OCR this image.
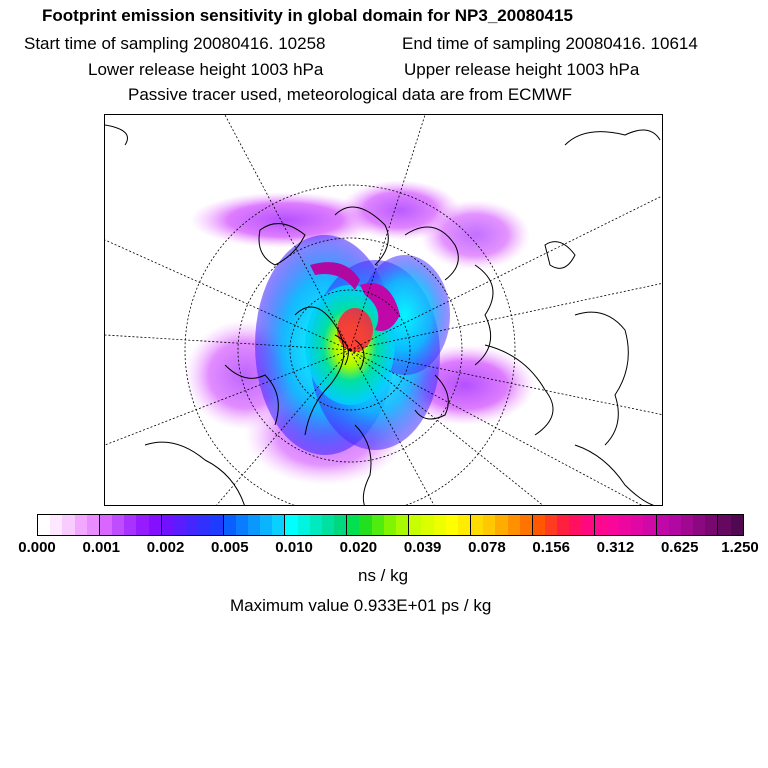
Footprint emission sensitivity in global domain for NP3_20080415
Start time of sampling 20080416. 10258	End time of sampling 20080416. 10614
Lower release height 1003 hPa	Upper release height 1003 hPa
Passive tracer used, meteorological data are from ECMWF
0.000 0.001 0.002 0.005 0.010 0.020 0.039 0.078 0.156 0.312 0.625 1.250
ns / kg
Maximum value 0.933E+01 ps / kg
